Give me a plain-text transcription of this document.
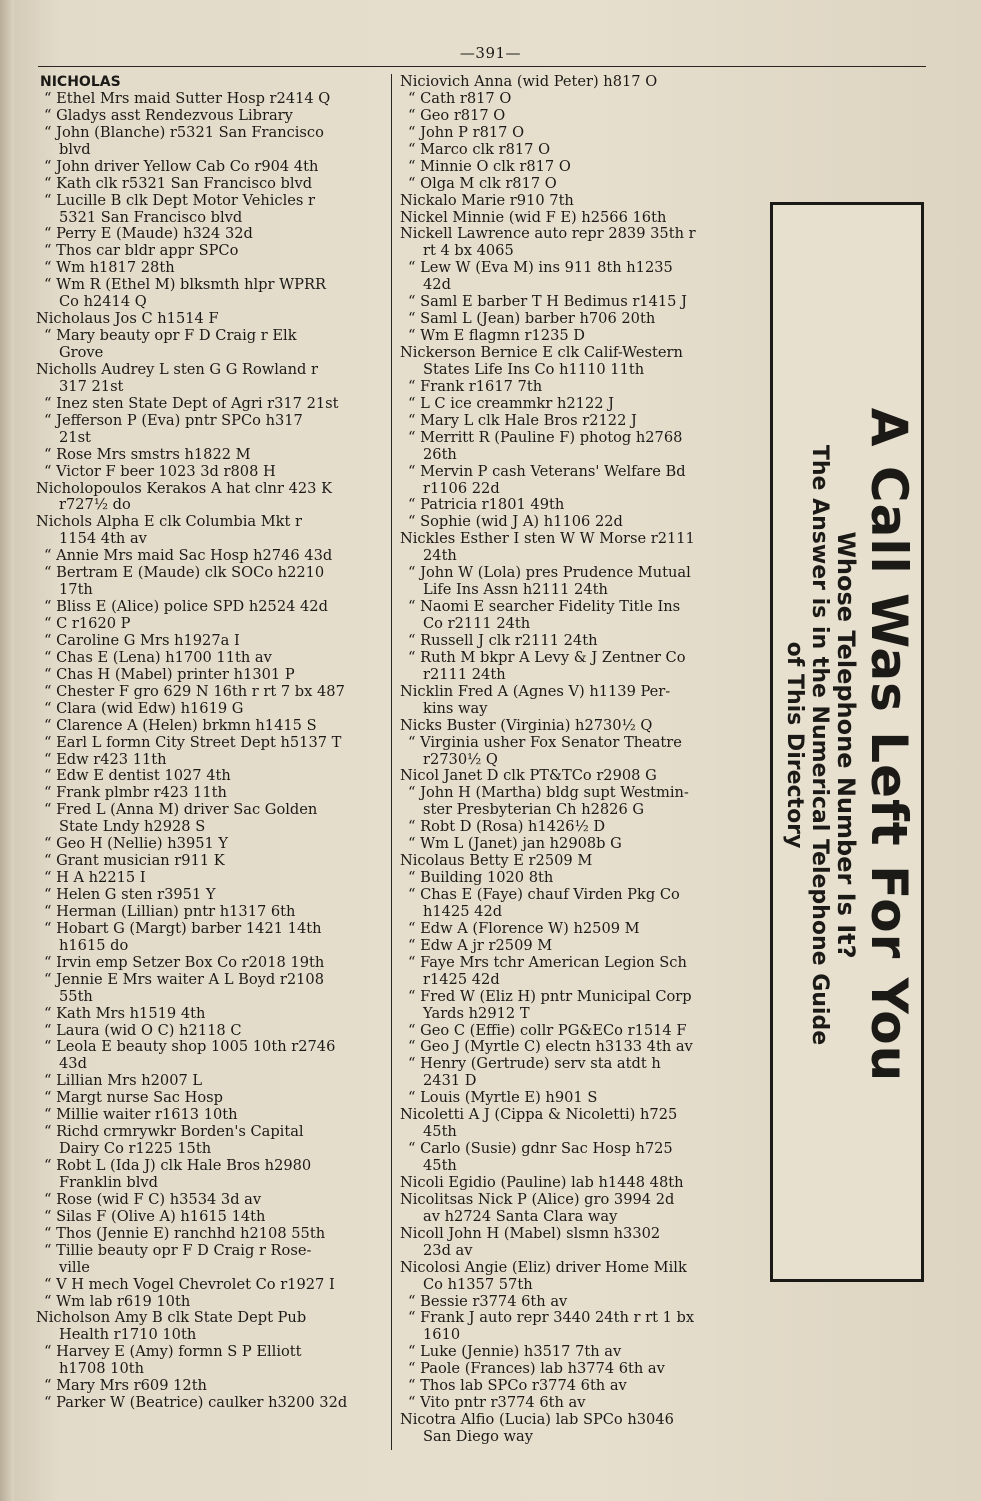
—391—
NICHOLAS
“ Ethel Mrs maid Sutter Hosp r2414 Q
“ Gladys asst Rendezvous Library
“ John (Blanche) r5321 San Francisco
blvd
“ John driver Yellow Cab Co r904 4th
“ Kath clk r5321 San Francisco blvd
“ Lucille B clk Dept Motor Vehicles r
5321 San Francisco blvd
“ Perry E (Maude) h324 32d
“ Thos car bldr appr SPCo
“ Wm h1817 28th
“ Wm R (Ethel M) blksmth hlpr WPRR
Co h2414 Q
Nicholaus Jos C h1514 F
“ Mary beauty opr F D Craig r Elk
Grove
Nicholls Audrey L sten G G Rowland r
317 21st
“ Inez sten State Dept of Agri r317 21st
“ Jefferson P (Eva) pntr SPCo h317
21st
“ Rose Mrs smstrs h1822 M
“ Victor F beer 1023 3d r808 H
Nicholopoulos Kerakos A hat clnr 423 K
r727½ do
Nichols Alpha E clk Columbia Mkt r
1154 4th av
“ Annie Mrs maid Sac Hosp h2746 43d
“ Bertram E (Maude) clk SOCo h2210
17th
“ Bliss E (Alice) police SPD h2524 42d
“ C r1620 P
“ Caroline G Mrs h1927a I
“ Chas E (Lena) h1700 11th av
“ Chas H (Mabel) printer h1301 P
“ Chester F gro 629 N 16th r rt 7 bx 487
“ Clara (wid Edw) h1619 G
“ Clarence A (Helen) brkmn h1415 S
“ Earl L formn City Street Dept h5137 T
“ Edw r423 11th
“ Edw E dentist 1027 4th
“ Frank plmbr r423 11th
“ Fred L (Anna M) driver Sac Golden
State Lndy h2928 S
“ Geo H (Nellie) h3951 Y
“ Grant musician r911 K
“ H A h2215 I
“ Helen G sten r3951 Y
“ Herman (Lillian) pntr h1317 6th
“ Hobart G (Margt) barber 1421 14th
h1615 do
“ Irvin emp Setzer Box Co r2018 19th
“ Jennie E Mrs waiter A L Boyd r2108
55th
“ Kath Mrs h1519 4th
“ Laura (wid O C) h2118 C
“ Leola E beauty shop 1005 10th r2746
43d
“ Lillian Mrs h2007 L
“ Margt nurse Sac Hosp
“ Millie waiter r1613 10th
“ Richd crmrywkr Borden's Capital
Dairy Co r1225 15th
“ Robt L (Ida J) clk Hale Bros h2980
Franklin blvd
“ Rose (wid F C) h3534 3d av
“ Silas F (Olive A) h1615 14th
“ Thos (Jennie E) ranchhd h2108 55th
“ Tillie beauty opr F D Craig r Rose-
ville
“ V H mech Vogel Chevrolet Co r1927 I
“ Wm lab r619 10th
Nicholson Amy B clk State Dept Pub
Health r1710 10th
“ Harvey E (Amy) formn S P Elliott
h1708 10th
“ Mary Mrs r609 12th
“ Parker W (Beatrice) caulker h3200 32d
Niciovich Anna (wid Peter) h817 O
“ Cath r817 O
“ Geo r817 O
“ John P r817 O
“ Marco clk r817 O
“ Minnie O clk r817 O
“ Olga M clk r817 O
Nickalo Marie r910 7th
Nickel Minnie (wid F E) h2566 16th
Nickell Lawrence auto repr 2839 35th r
rt 4 bx 4065
“ Lew W (Eva M) ins 911 8th h1235
42d
“ Saml E barber T H Bedimus r1415 J
“ Saml L (Jean) barber h706 20th
“ Wm E flagmn r1235 D
Nickerson Bernice E clk Calif-Western
States Life Ins Co h1110 11th
“ Frank r1617 7th
“ L C ice creammkr h2122 J
“ Mary L clk Hale Bros r2122 J
“ Merritt R (Pauline F) photog h2768
26th
“ Mervin P cash Veterans' Welfare Bd
r1106 22d
“ Patricia r1801 49th
“ Sophie (wid J A) h1106 22d
Nickles Esther I sten W W Morse r2111
24th
“ John W (Lola) pres Prudence Mutual
Life Ins Assn h2111 24th
“ Naomi E searcher Fidelity Title Ins
Co r2111 24th
“ Russell J clk r2111 24th
“ Ruth M bkpr A Levy & J Zentner Co
r2111 24th
Nicklin Fred A (Agnes V) h1139 Per-
kins way
Nicks Buster (Virginia) h2730½ Q
“ Virginia usher Fox Senator Theatre
r2730½ Q
Nicol Janet D clk PT&TCo r2908 G
“ John H (Martha) bldg supt Westmin-
ster Presbyterian Ch h2826 G
“ Robt D (Rosa) h1426½ D
“ Wm L (Janet) jan h2908b G
Nicolaus Betty E r2509 M
“ Building 1020 8th
“ Chas E (Faye) chauf Virden Pkg Co
h1425 42d
“ Edw A (Florence W) h2509 M
“ Edw A jr r2509 M
“ Faye Mrs tchr American Legion Sch
r1425 42d
“ Fred W (Eliz H) pntr Municipal Corp
Yards h2912 T
“ Geo C (Effie) collr PG&ECo r1514 F
“ Geo J (Myrtle C) electn h3133 4th av
“ Henry (Gertrude) serv sta atdt h
2431 D
“ Louis (Myrtle E) h901 S
Nicoletti A J (Cippa & Nicoletti) h725
45th
“ Carlo (Susie) gdnr Sac Hosp h725
45th
Nicoli Egidio (Pauline) lab h1448 48th
Nicolitsas Nick P (Alice) gro 3994 2d
av h2724 Santa Clara way
Nicoll John H (Mabel) slsmn h3302
23d av
Nicolosi Angie (Eliz) driver Home Milk
Co h1357 57th
“ Bessie r3774 6th av
“ Frank J auto repr 3440 24th r rt 1 bx
1610
“ Luke (Jennie) h3517 7th av
“ Paole (Frances) lab h3774 6th av
“ Thos lab SPCo r3774 6th av
“ Vito pntr r3774 6th av
Nicotra Alfio (Lucia) lab SPCo h3046
San Diego way
A Call Was Left For You
Whose Telephone Number Is It?
The Answer is in the Numerical Telephone Guide
of This Directory
